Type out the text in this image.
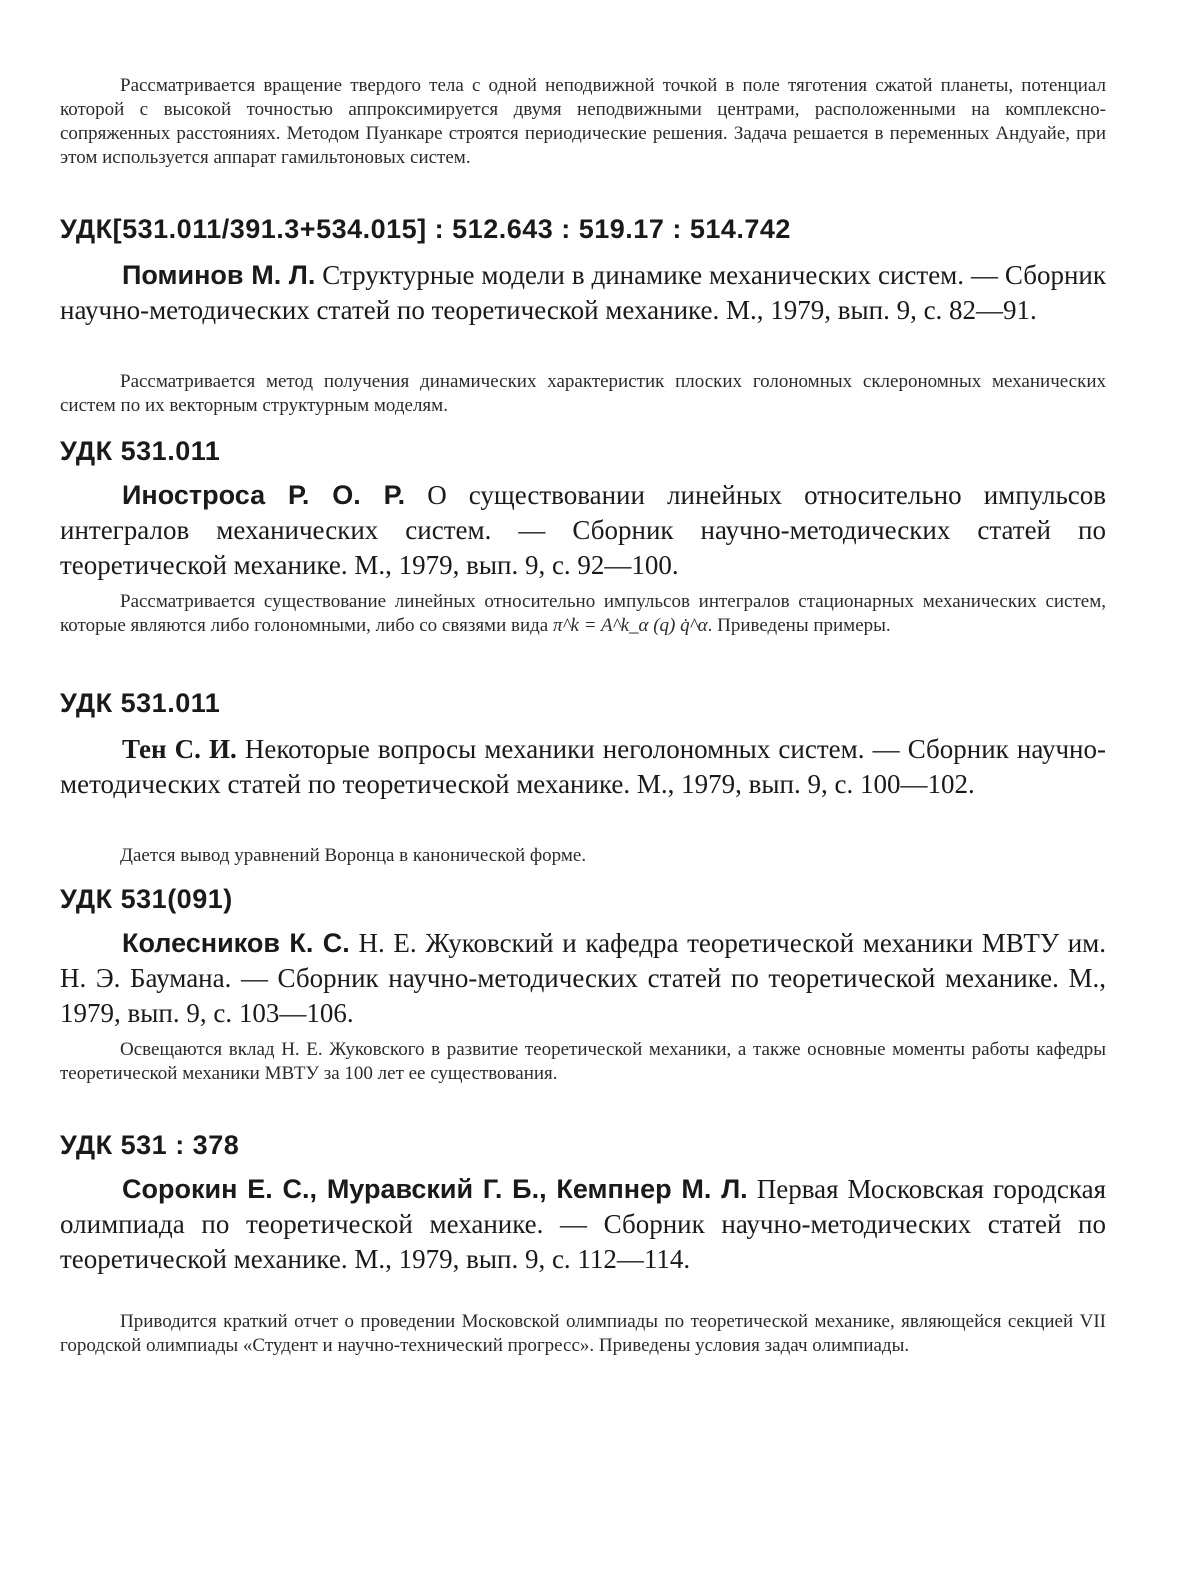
Рассматривается вращение твердого тела с одной неподвижной точкой в поле тяготения сжатой планеты, потенциал которой с высокой точностью аппроксимируется двумя неподвижными центрами, расположенными на комплексно-сопряженных расстояниях. Методом Пуанкаре строятся периодические решения. Задача решается в переменных Андуайе, при этом используется аппарат гамильтоновых систем.

УДК[531.011/391.3+534.015] : 512.643 : 519.17 : 514.742

Поминов М. Л. Структурные модели в динамике механических систем. — Сборник научно-методических статей по теоретической механике. М., 1979, вып. 9, с. 82—91.

Рассматривается метод получения динамических характеристик плоских голономных склерономных механических систем по их векторным структурным моделям.

УДК 531.011

Иностроса Р. О. Р. О существовании линейных относительно импульсов интегралов механических систем. — Сборник научно-методических статей по теоретической механике. М., 1979, вып. 9, с. 92—100.

Рассматривается существование линейных относительно импульсов интегралов стационарных механических систем, которые являются либо голономными, либо со связями вида π^k = A^k_α (q) q̇^α. Приведены примеры.

УДК 531.011

Тен С. И. Некоторые вопросы механики неголономных систем. — Сборник научно-методических статей по теоретической механике. М., 1979, вып. 9, с. 100—102.

Дается вывод уравнений Воронца в канонической форме.

УДК 531(091)

Колесников К. С. Н. Е. Жуковский и кафедра теоретической механики МВТУ им. Н. Э. Баумана. — Сборник научно-методических статей по теоретической механике. М., 1979, вып. 9, с. 103—106.

Освещаются вклад Н. Е. Жуковского в развитие теоретической механики, а также основные моменты работы кафедры теоретической механики МВТУ за 100 лет ее существования.

УДК 531 : 378

Сорокин Е. С., Муравский Г. Б., Кемпнер М. Л. Первая Московская городская олимпиада по теоретической механике. — Сборник научно-методических статей по теоретической механике. М., 1979, вып. 9, с. 112—114.

Приводится краткий отчет о проведении Московской олимпиады по теоретической механике, являющейся секцией VII городской олимпиады «Студент и научно-технический прогресс». Приведены условия задач олимпиады.
